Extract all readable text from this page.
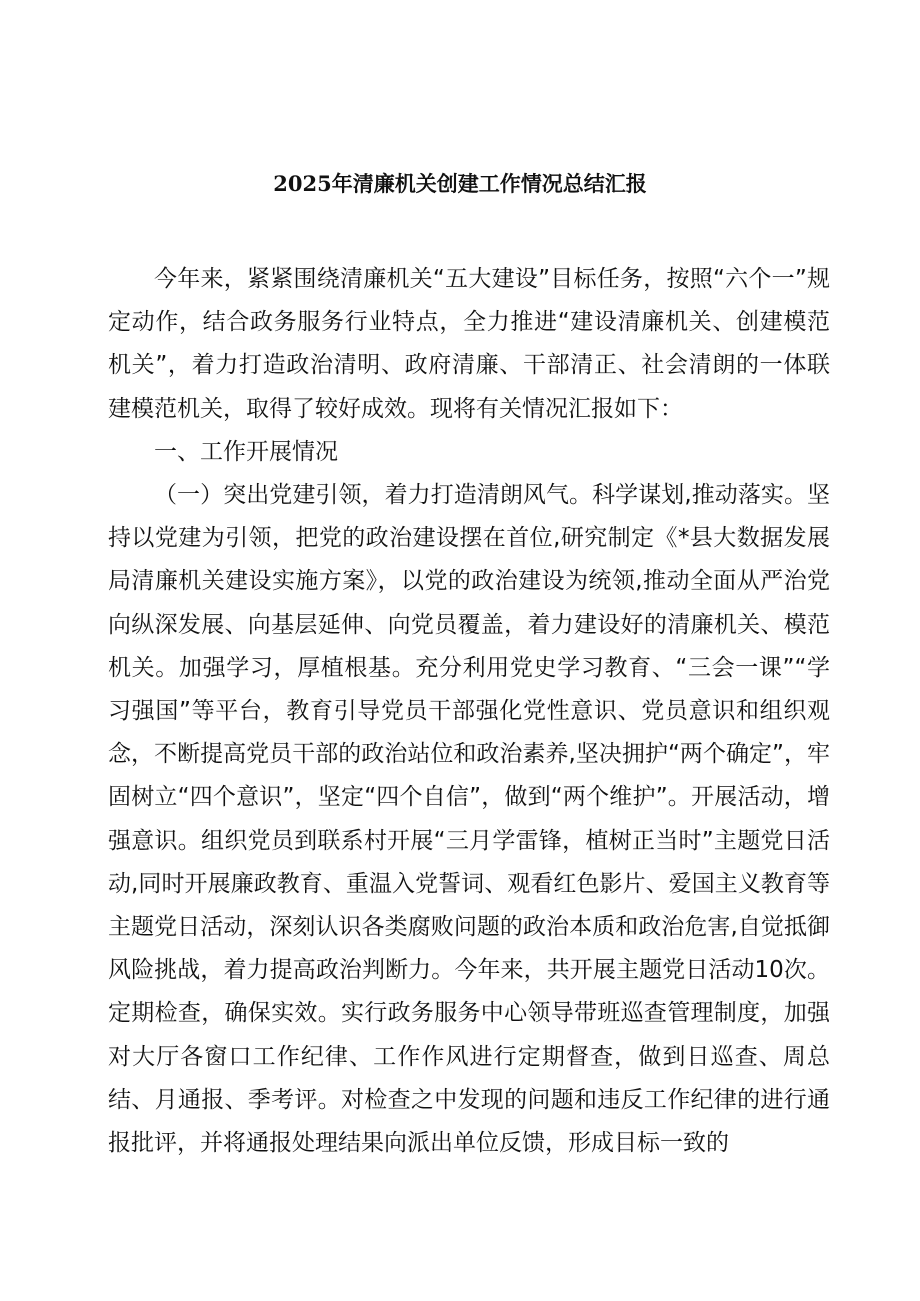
2025年清廉机关创建工作情况总结汇报

今年来，紧紧围绕清廉机关“五大建设”目标任务，按照“六个一”规定动作，结合政务服务行业特点，全力推进“建设清廉机关、创建模范机关”，着力打造政治清明、政府清廉、干部清正、社会清朗的一体联建模范机关，取得了较好成效。现将有关情况汇报如下：

一、工作开展情况

（一）突出党建引领，着力打造清朗风气。科学谋划,推动落实。坚持以党建为引领，把党的政治建设摆在首位,研究制定《*县大数据发展局清廉机关建设实施方案》，以党的政治建设为统领,推动全面从严治党向纵深发展、向基层延伸、向党员覆盖，着力建设好的清廉机关、模范机关。加强学习，厚植根基。充分利用党史学习教育、“三会一课”“学习强国”等平台，教育引导党员干部强化党性意识、党员意识和组织观念，不断提高党员干部的政治站位和政治素养,坚决拥护“两个确定”，牢固树立“四个意识”，坚定“四个自信”，做到“两个维护”。开展活动，增强意识。组织党员到联系村开展“三月学雷锋，植树正当时”主题党日活动,同时开展廉政教育、重温入党誓词、观看红色影片、爱国主义教育等主题党日活动，深刻认识各类腐败问题的政治本质和政治危害,自觉抵御风险挑战，着力提高政治判断力。今年来，共开展主题党日活动10次。定期检查，确保实效。实行政务服务中心领导带班巡查管理制度，加强对大厅各窗口工作纪律、工作作风进行定期督查，做到日巡查、周总结、月通报、季考评。对检查之中发现的问题和违反工作纪律的进行通报批评，并将通报处理结果向派出单位反馈，形成目标一致的
